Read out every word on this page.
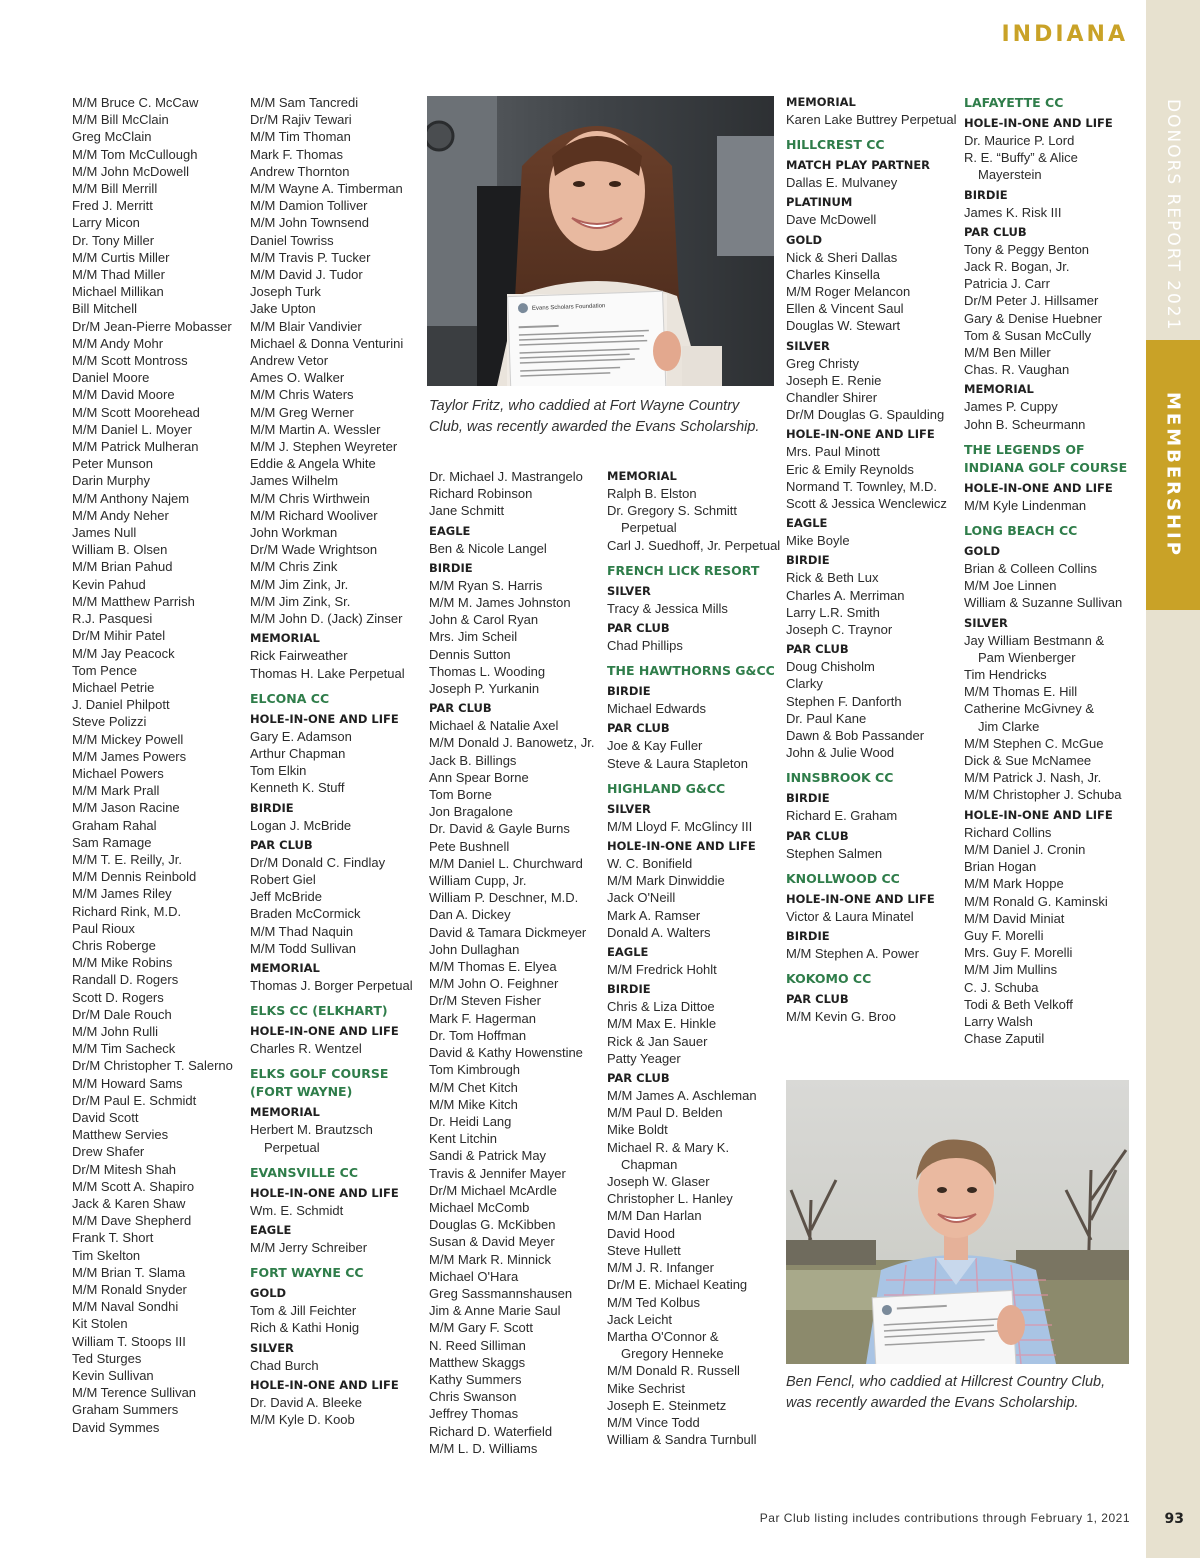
INDIANA
DONORS REPORT 2021
MEMBERSHIP
M/M Bruce C. McCaw
M/M Bill McClain
Greg McClain
M/M Tom McCullough
M/M John McDowell
M/M Bill Merrill
Fred J. Merritt
Larry Micon
Dr. Tony Miller
M/M Curtis Miller
M/M Thad Miller
Michael Millikan
Bill Mitchell
Dr/M Jean-Pierre Mobasser
M/M Andy Mohr
M/M Scott Montross
Daniel Moore
M/M David Moore
M/M Scott Moorehead
M/M Daniel L. Moyer
M/M Patrick Mulheran
Peter Munson
Darin Murphy
M/M Anthony Najem
M/M Andy Neher
James Null
William B. Olsen
M/M Brian Pahud
Kevin Pahud
M/M Matthew Parrish
R.J. Pasquesi
Dr/M Mihir Patel
M/M Jay Peacock
Tom Pence
Michael Petrie
J. Daniel Philpott
Steve Polizzi
M/M Mickey Powell
M/M James Powers
Michael Powers
M/M Mark Prall
M/M Jason Racine
Graham Rahal
Sam Ramage
M/M T. E. Reilly, Jr.
M/M Dennis Reinbold
M/M James Riley
Richard Rink, M.D.
Paul Rioux
Chris Roberge
M/M Mike Robins
Randall D. Rogers
Scott D. Rogers
Dr/M Dale Rouch
M/M John Rulli
M/M Tim Sacheck
Dr/M Christopher T. Salerno
M/M Howard Sams
Dr/M Paul E. Schmidt
David Scott
Matthew Servies
Drew Shafer
Dr/M Mitesh Shah
M/M Scott A. Shapiro
Jack & Karen Shaw
M/M Dave Shepherd
Frank T. Short
Tim Skelton
M/M Brian T. Slama
M/M Ronald Snyder
M/M Naval Sondhi
Kit Stolen
William T. Stoops III
Ted Sturges
Kevin Sullivan
M/M Terence Sullivan
Graham Summers
David Symmes
M/M Sam Tancredi
Dr/M Rajiv Tewari
M/M Tim Thoman
Mark F. Thomas
Andrew Thornton
M/M Wayne A. Timberman
M/M Damion Tolliver
M/M John Townsend
Daniel Towriss
M/M Travis P. Tucker
M/M David J. Tudor
Joseph Turk
Jake Upton
M/M Blair Vandivier
Michael & Donna Venturini
Andrew Vetor
Ames O. Walker
M/M Chris Waters
M/M Greg Werner
M/M Martin A. Wessler
M/M J. Stephen Weyreter
Eddie & Angela White
James Wilhelm
M/M Chris Wirthwein
M/M Richard Wooliver
John Workman
Dr/M Wade Wrightson
M/M Chris Zink
M/M Jim Zink, Jr.
M/M Jim Zink, Sr.
M/M John D. (Jack) Zinser
MEMORIAL
Rick Fairweather
Thomas H. Lake Perpetual
ELCONA CC
HOLE-IN-ONE AND LIFE
Gary E. Adamson
Arthur Chapman
Tom Elkin
Kenneth K. Stuff
BIRDIE
Logan J. McBride
PAR CLUB
Dr/M Donald C. Findlay
Robert Giel
Jeff McBride
Braden McCormick
M/M Thad Naquin
M/M Todd Sullivan
MEMORIAL
Thomas J. Borger Perpetual
ELKS CC (ELKHART)
HOLE-IN-ONE AND LIFE
Charles R. Wentzel
ELKS GOLF COURSE
(FORT WAYNE)
MEMORIAL
Herbert M. Brautzsch
Perpetual
EVANSVILLE CC
HOLE-IN-ONE AND LIFE
Wm. E. Schmidt
EAGLE
M/M Jerry Schreiber
FORT WAYNE CC
GOLD
Tom & Jill Feichter
Rich & Kathi Honig
SILVER
Chad Burch
HOLE-IN-ONE AND LIFE
Dr. David A. Bleeke
M/M Kyle D. Koob
Dr. Michael J. Mastrangelo
Richard Robinson
Jane Schmitt
EAGLE
Ben & Nicole Langel
BIRDIE
M/M Ryan S. Harris
M/M M. James Johnston
John & Carol Ryan
Mrs. Jim Scheil
Dennis Sutton
Thomas L. Wooding
Joseph P. Yurkanin
PAR CLUB
Michael & Natalie Axel
M/M Donald J. Banowetz, Jr.
Jack B. Billings
Ann Spear Borne
Tom Borne
Jon Bragalone
Dr. David & Gayle Burns
Pete Bushnell
M/M Daniel L. Churchward
William Cupp, Jr.
William P. Deschner, M.D.
Dan A. Dickey
David & Tamara Dickmeyer
John Dullaghan
M/M Thomas E. Elyea
M/M John O. Feighner
Dr/M Steven Fisher
Mark F. Hagerman
Dr. Tom Hoffman
David & Kathy Howenstine
Tom Kimbrough
M/M Chet Kitch
M/M Mike Kitch
Dr. Heidi Lang
Kent Litchin
Sandi & Patrick May
Travis & Jennifer Mayer
Dr/M Michael McArdle
Michael McComb
Douglas G. McKibben
Susan & David Meyer
M/M Mark R. Minnick
Michael O'Hara
Greg Sassmannshausen
Jim & Anne Marie Saul
M/M Gary F. Scott
N. Reed Silliman
Matthew Skaggs
Kathy Summers
Chris Swanson
Jeffrey Thomas
Richard D. Waterfield
M/M L. D. Williams
MEMORIAL
Ralph B. Elston
Dr. Gregory S. Schmitt
Perpetual
Carl J. Suedhoff, Jr. Perpetual
FRENCH LICK RESORT
SILVER
Tracy & Jessica Mills
PAR CLUB
Chad Phillips
THE HAWTHORNS G&CC
BIRDIE
Michael Edwards
PAR CLUB
Joe & Kay Fuller
Steve & Laura Stapleton
HIGHLAND G&CC
SILVER
M/M Lloyd F. McGlincy III
HOLE-IN-ONE AND LIFE
W. C. Bonifield
M/M Mark Dinwiddie
Jack O'Neill
Mark A. Ramser
Donald A. Walters
EAGLE
M/M Fredrick Hohlt
BIRDIE
Chris & Liza Dittoe
M/M Max E. Hinkle
Rick & Jan Sauer
Patty Yeager
PAR CLUB
M/M James A. Aschleman
M/M Paul D. Belden
Mike Boldt
Michael R. & Mary K.
Chapman
Joseph W. Glaser
Christopher L. Hanley
M/M Dan Harlan
David Hood
Steve Hullett
M/M J. R. Infanger
Dr/M E. Michael Keating
M/M Ted Kolbus
Jack Leicht
Martha O'Connor &
Gregory Henneke
M/M Donald R. Russell
Mike Sechrist
Joseph E. Steinmetz
M/M Vince Todd
William & Sandra Turnbull
MEMORIAL
Karen Lake Buttrey Perpetual
HILLCREST CC
MATCH PLAY PARTNER
Dallas E. Mulvaney
PLATINUM
Dave McDowell
GOLD
Nick & Sheri Dallas
Charles Kinsella
M/M Roger Melancon
Ellen & Vincent Saul
Douglas W. Stewart
SILVER
Greg Christy
Joseph E. Renie
Chandler Shirer
Dr/M Douglas G. Spaulding
HOLE-IN-ONE AND LIFE
Mrs. Paul Minott
Eric & Emily Reynolds
Normand T. Townley, M.D.
Scott & Jessica Wenclewicz
EAGLE
Mike Boyle
BIRDIE
Rick & Beth Lux
Charles A. Merriman
Larry L.R. Smith
Joseph C. Traynor
PAR CLUB
Doug Chisholm
Clarky
Stephen F. Danforth
Dr. Paul Kane
Dawn & Bob Passander
John & Julie Wood
INNSBROOK CC
BIRDIE
Richard E. Graham
PAR CLUB
Stephen Salmen
KNOLLWOOD CC
HOLE-IN-ONE AND LIFE
Victor & Laura Minatel
BIRDIE
M/M Stephen A. Power
KOKOMO CC
PAR CLUB
M/M Kevin G. Broo
LAFAYETTE CC
HOLE-IN-ONE AND LIFE
Dr. Maurice P. Lord
R. E. “Buffy” & Alice
Mayerstein
BIRDIE
James K. Risk III
PAR CLUB
Tony & Peggy Benton
Jack R. Bogan, Jr.
Patricia J. Carr
Dr/M Peter J. Hillsamer
Gary & Denise Huebner
Tom & Susan McCully
M/M Ben Miller
Chas. R. Vaughan
MEMORIAL
James P. Cuppy
John B. Scheurmann
THE LEGENDS OF
INDIANA GOLF COURSE
HOLE-IN-ONE AND LIFE
M/M Kyle Lindenman
LONG BEACH CC
GOLD
Brian & Colleen Collins
M/M Joe Linnen
William & Suzanne Sullivan
SILVER
Jay William Bestmann &
Pam Wienberger
Tim Hendricks
M/M Thomas E. Hill
Catherine McGivney &
Jim Clarke
M/M Stephen C. McGue
Dick & Sue McNamee
M/M Patrick J. Nash, Jr.
M/M Christopher J. Schuba
HOLE-IN-ONE AND LIFE
Richard Collins
M/M Daniel J. Cronin
Brian Hogan
M/M Mark Hoppe
M/M Ronald G. Kaminski
M/M David Miniat
Guy F. Morelli
Mrs. Guy F. Morelli
M/M Jim Mullins
C. J. Schuba
Todi & Beth Velkoff
Larry Walsh
Chase Zaputil
Evans Scholars Foundation
Taylor Fritz, who caddied at Fort Wayne Country Club, was recently awarded the Evans Scholarship.
Ben Fencl, who caddied at Hillcrest Country Club, was recently awarded the Evans Scholarship.
Par Club listing includes contributions through February 1, 2021 93
